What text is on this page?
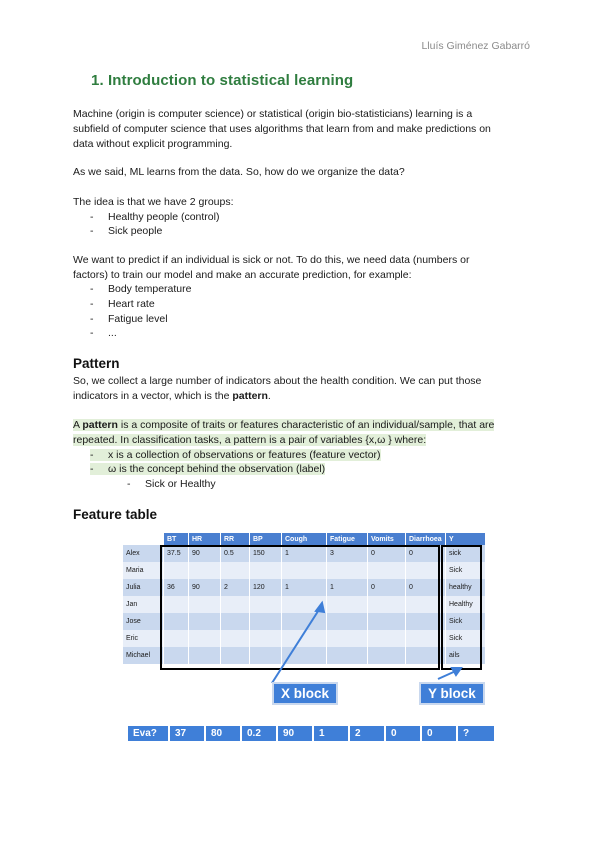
Lluís Giménez Gabarró
1. Introduction to statistical learning
Machine (origin is computer science) or statistical (origin bio-statisticians) learning is a
subfield of computer science that uses algorithms that learn from and make predictions on
data without explicit programming.
As we said, ML learns from the data. So, how do we organize the data?
The idea is that we have 2 groups:
- Healthy people (control)
- Sick people
We want to predict if an individual is sick or not. To do this, we need data (numbers or
factors) to train our model and make an accurate prediction, for example:
- Body temperature
- Heart rate
- Fatigue level
- ...
Pattern
So, we collect a large number of indicators about the health condition. We can put those
indicators in a vector, which is the pattern.
A pattern is a composite of traits or features characteristic of an individual/sample, that are
repeated. In classification tasks, a pattern is a pair of variables {x,ω } where:
- x is a collection of observations or features (feature vector)
- ω is the concept behind the observation (label)
- Sick or Healthy
Feature table
	BT	HR	RR	BP	Cough	Fatigue	Vomits	Diarrhoea	Y
Alex	37.5	90	0.5	150	1	3	0	0	sick
Maria									Sick
Julia	36	90	2	120	1	1	0	0	healthy
Jan									Healthy
Jose									Sick
Eric									Sick
Michael									ails
X block	Y block
Eva?	37	80	0.2	90	1	2	0	0	?
